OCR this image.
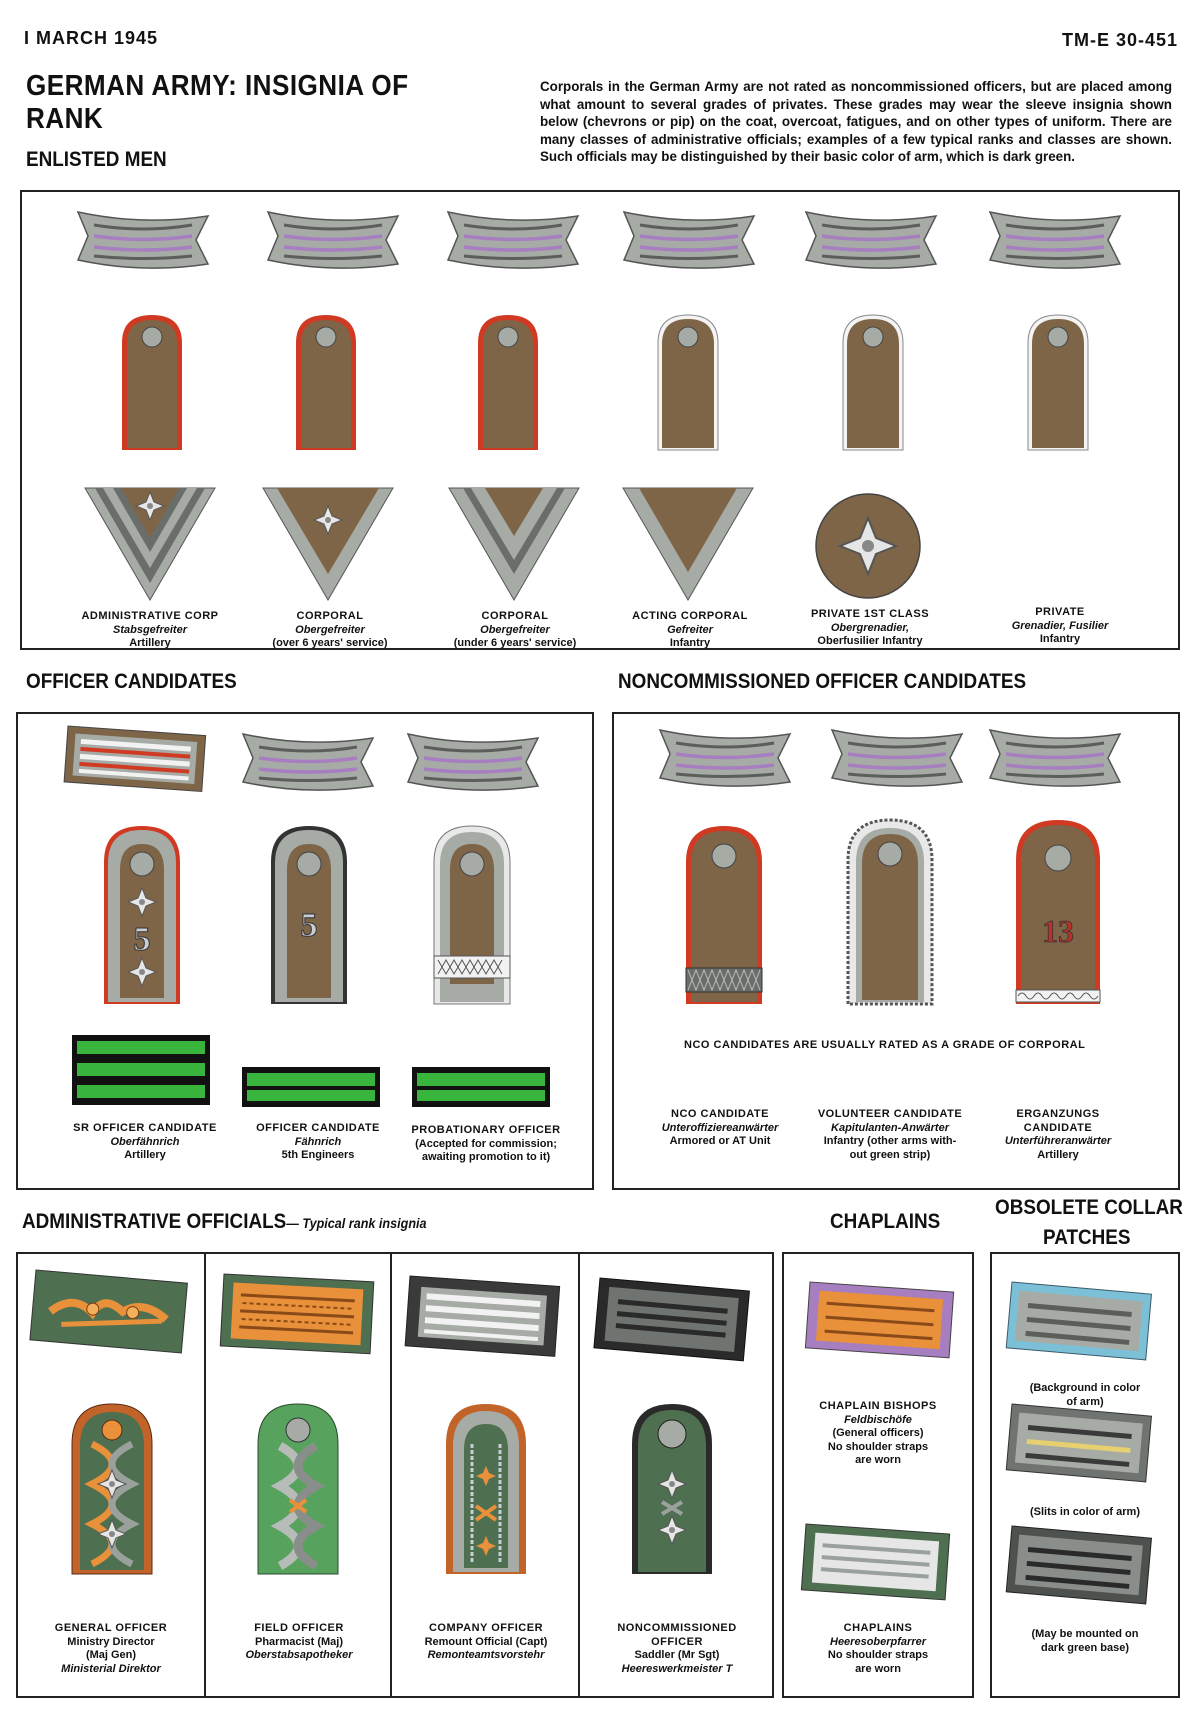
I MARCH 1945	TM-E 30-451
GERMAN ARMY: INSIGNIA OF RANK
Corporals in the German Army are not rated as noncommissioned officers, but are placed among what amount to several grades of privates. These grades may wear the sleeve insignia shown below (chevrons or pip) on the coat, overcoat, fatigues, and on other types of uniform. There are many classes of administrative officials; examples of a few typical ranks and classes are shown. Such officials may be distinguished by their basic color of arm, which is dark green.
ENLISTED MEN
ADMINISTRATIVE CORP
Stabsgefreiter
Artillery
CORPORAL
Obergefreiter
(over 6 years' service)
CORPORAL
Obergefreiter
(under 6 years' service)
ACTING CORPORAL
Gefreiter
Infantry
PRIVATE 1ST CLASS
Obergrenadier,
Oberfusilier Infantry
PRIVATE
Grenadier, Fusilier
Infantry
OFFICER CANDIDATES	NONCOMMISSIONED OFFICER CANDIDATES
5	5	13
SR OFFICER CANDIDATE
Oberfähnrich
Artillery
OFFICER CANDIDATE
Fähnrich
5th Engineers
PROBATIONARY OFFICER
(Accepted for commission;
awaiting promotion to it)
NCO CANDIDATES ARE USUALLY RATED AS A GRADE OF CORPORAL
NCO CANDIDATE
Unteroffiziereanwärter
Armored or AT Unit
VOLUNTEER CANDIDATE
Kapitulanten-Anwärter
Infantry (other arms with-
out green strip)
ERGANZUNGS
CANDIDATE
Unterführeranwärter
Artillery
ADMINISTRATIVE OFFICIALS— Typical rank insignia	CHAPLAINS
OBSOLETE COLLAR
PATCHES
GENERAL OFFICER
Ministry Director
(Maj Gen)
Ministerial Direktor
FIELD OFFICER
Pharmacist (Maj)
Oberstabsapotheker
COMPANY OFFICER
Remount Official (Capt)
Remonteamtsvorstehr
NONCOMMISSIONED
OFFICER
Saddler (Mr Sgt)
Heereswerkmeister T
CHAPLAIN BISHOPS
Feldbischöfe
(General officers)
No shoulder straps
are worn
CHAPLAINS
Heeresoberpfarrer
No shoulder straps
are worn
(Background in color
of arm)
(Slits in color of arm)
(May be mounted on
dark green base)
